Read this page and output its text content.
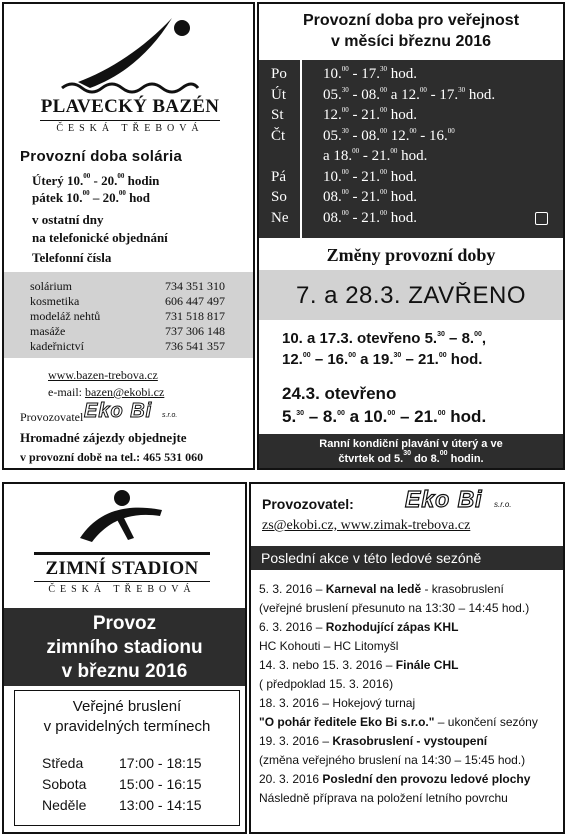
PLAVECKÝ BAZÉN
ČESKÁ TŘEBOVÁ
Provozní doba solária
Úterý 10.00 - 20.00 hodin
pátek 10.00 – 20.00 hod
v ostatní dny
na telefonické objednání
Telefonní čísla
solárium	734 351 310
kosmetika	606 447 497
modeláž nehtů	731 518 817
masáže	737 306 148
kadeřnictví	736 541 357
www.bazen-trebova.cz
e-mail: bazen@ekobi.cz
Provozovatel Eko Bi s.r.o.
Hromadné zájezdy objednejte
v provozní době na tel.: 465 531 060
Provozní doba pro veřejnost
v měsíci březnu 2016
Po	10.00 - 17.30 hod.
Út	05.30 - 08.00 a 12.00 - 17.30 hod.
St	12.00 - 21.00 hod.
Čt	05.30 - 08.00 12.00 - 16.00
a 18.00 - 21.00 hod.
Pá	10.00 - 21.00 hod.
So	08.00 - 21.00 hod.
Ne	08.00 - 21.00 hod.
Změny provozní doby
7. a 28.3. ZAVŘENO
10. a 17.3. otevřeno 5.30 – 8.00,
12.00 – 16.00 a 19.30 – 21.00 hod.
24.3. otevřeno
5.30 – 8.00 a 10.00 – 21.00 hod.
Ranní kondiční plavání v úterý a ve
čtvrtek od 5.30 do 8.00 hodin.
ZIMNÍ STADION
ČESKÁ TŘEBOVÁ
Provoz
zimního stadionu
v březnu 2016
Veřejné bruslení
v pravidelných termínech
Středa	17:00 - 18:15
Sobota	15:00 - 16:15
Neděle	13:00 - 14:15
Provozovatel: Eko Bi s.r.o.
zs@ekobi.cz, www.zimak-trebova.cz
Poslední akce v této ledové sezóně
5. 3. 2016 – Karneval na ledě - krasobruslení
(veřejné bruslení přesunuto na 13:30 – 14:45 hod.)
6. 3. 2016 – Rozhodující zápas KHL
HC Kohouti – HC Litomyšl
14. 3. nebo 15. 3. 2016 – Finále CHL
( předpoklad 15. 3. 2016)
18. 3. 2016 – Hokejový turnaj
"O pohár ředitele Eko Bi s.r.o." – ukončení sezóny
19. 3. 2016 – Krasobruslení - vystoupení
(změna veřejného bruslení na 14:30 – 15:45 hod.)
20. 3. 2016 Poslední den provozu ledové plochy
Následně příprava na položení letního povrchu
